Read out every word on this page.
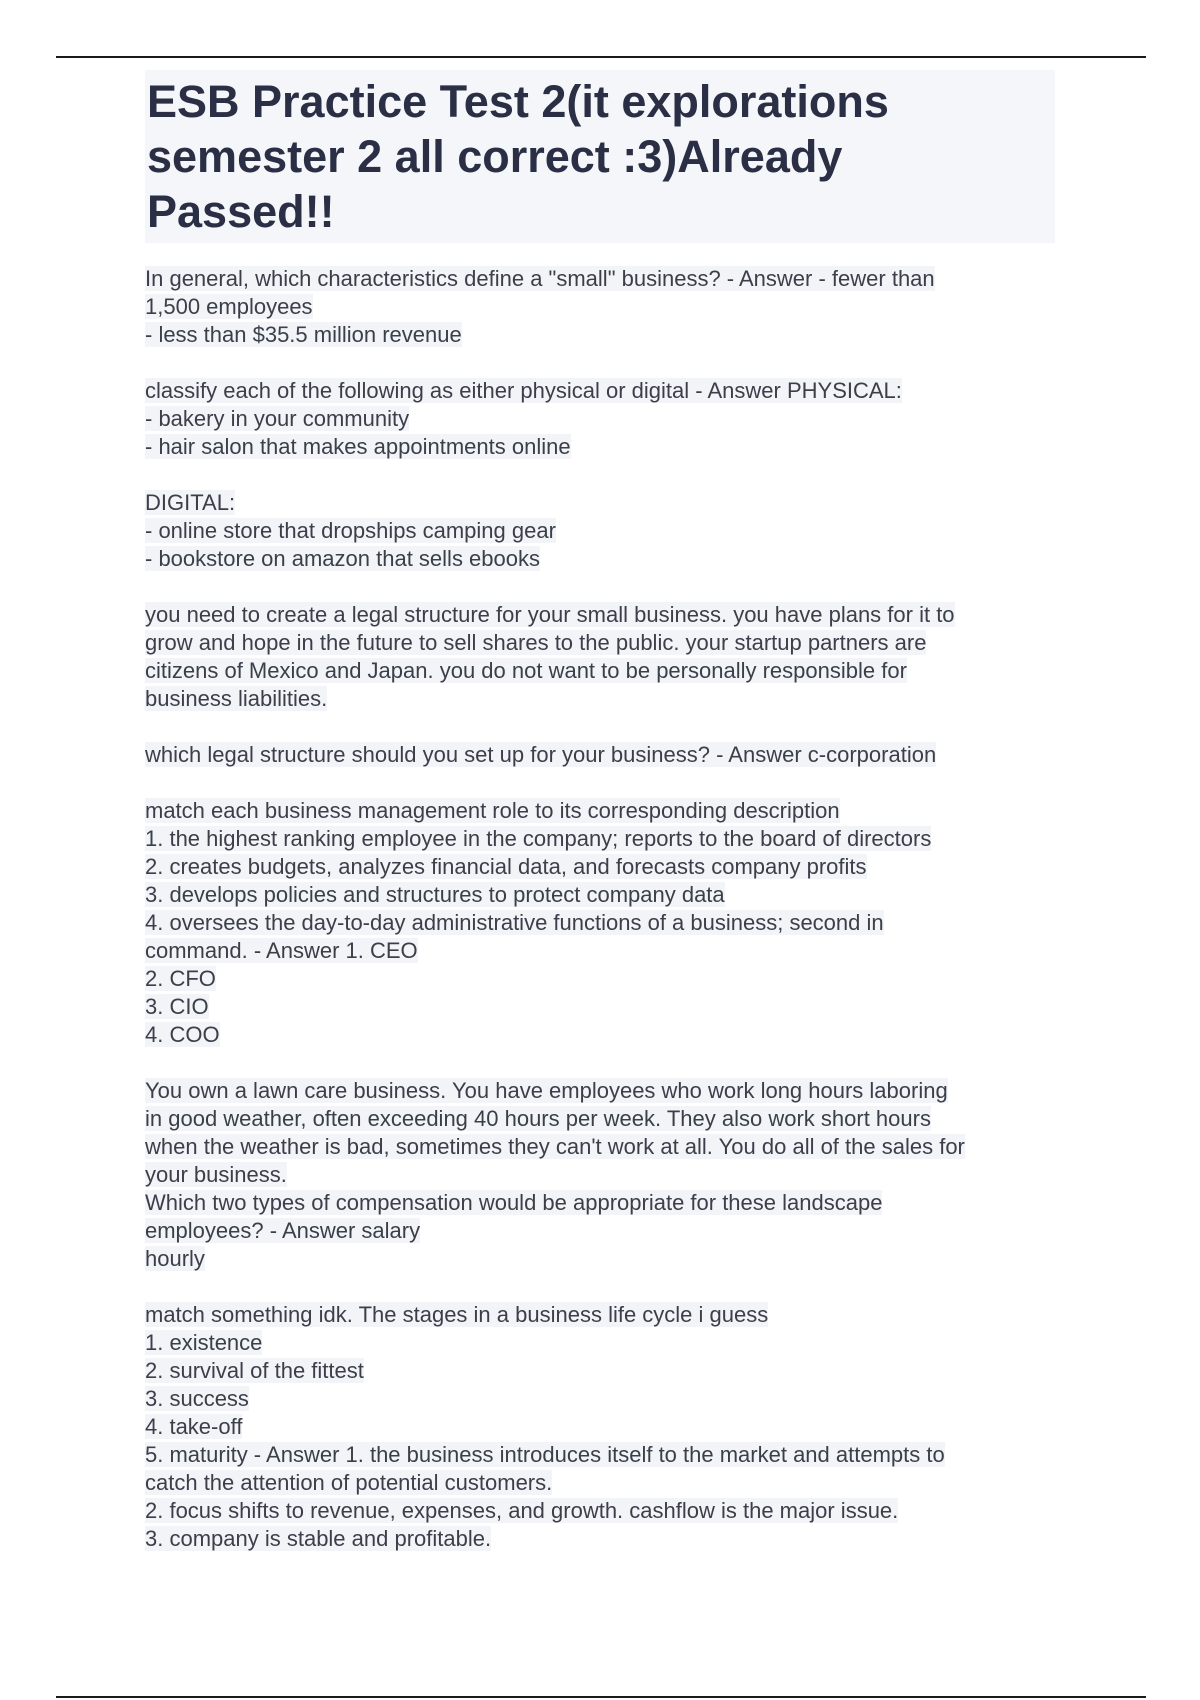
ESB Practice Test 2(it explorations
semester 2 all correct :3)Already
Passed!!
In general, which characteristics define a "small" business? - Answer - fewer than
1,500 employees
- less than $35.5 million revenue
classify each of the following as either physical or digital - Answer PHYSICAL:
- bakery in your community
- hair salon that makes appointments online
DIGITAL:
- online store that dropships camping gear
- bookstore on amazon that sells ebooks
you need to create a legal structure for your small business. you have plans for it to
grow and hope in the future to sell shares to the public. your startup partners are
citizens of Mexico and Japan. you do not want to be personally responsible for
business liabilities.
which legal structure should you set up for your business? - Answer c-corporation
match each business management role to its corresponding description
1. the highest ranking employee in the company; reports to the board of directors
2. creates budgets, analyzes financial data, and forecasts company profits
3. develops policies and structures to protect company data
4. oversees the day-to-day administrative functions of a business; second in
command. - Answer 1. CEO
2. CFO
3. CIO
4. COO
You own a lawn care business. You have employees who work long hours laboring
in good weather, often exceeding 40 hours per week. They also work short hours
when the weather is bad, sometimes they can't work at all. You do all of the sales for
your business.
Which two types of compensation would be appropriate for these landscape
employees? - Answer salary
hourly
match something idk. The stages in a business life cycle i guess
1. existence
2. survival of the fittest
3. success
4. take-off
5. maturity - Answer 1. the business introduces itself to the market and attempts to
catch the attention of potential customers.
2. focus shifts to revenue, expenses, and growth. cashflow is the major issue.
3. company is stable and profitable.
